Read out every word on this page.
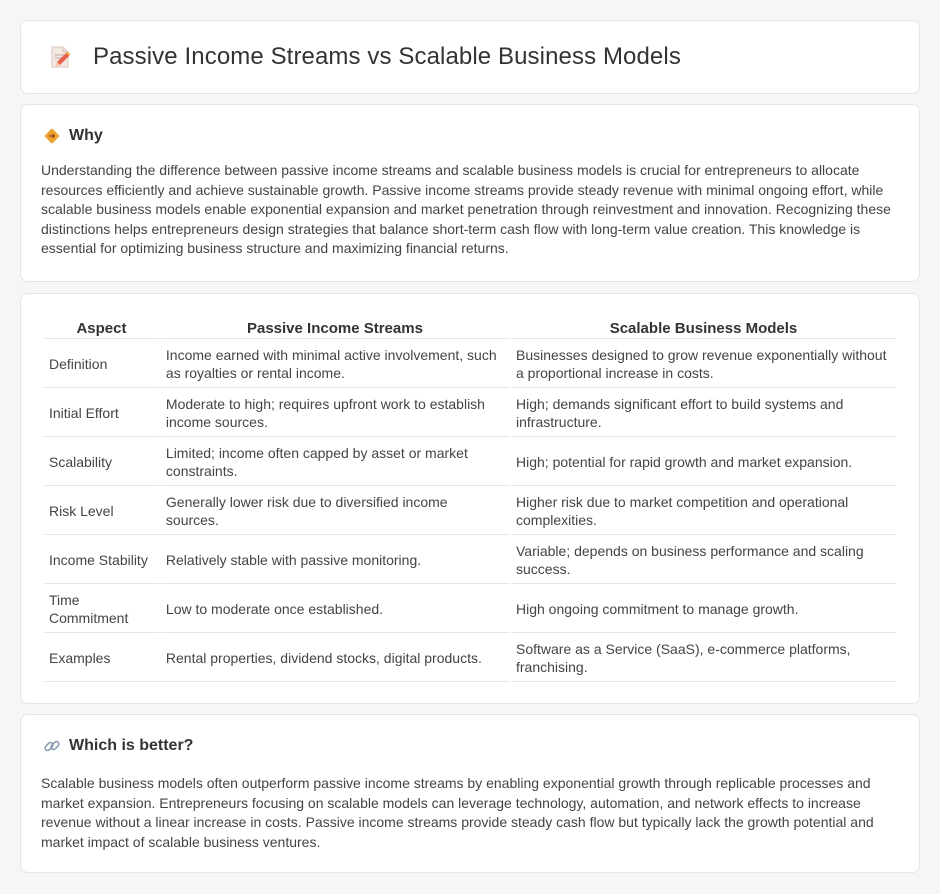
Passive Income Streams vs Scalable Business Models
Why

Understanding the difference between passive income streams and scalable business models is crucial for entrepreneurs to allocate resources efficiently and achieve sustainable growth. Passive income streams provide steady revenue with minimal ongoing effort, while scalable business models enable exponential expansion and market penetration through reinvestment and innovation. Recognizing these distinctions helps entrepreneurs design strategies that balance short-term cash flow with long-term value creation. This knowledge is essential for optimizing business structure and maximizing financial returns.

Aspect	Passive Income Streams	Scalable Business Models
Definition	Income earned with minimal active involvement, such as royalties or rental income.	Businesses designed to grow revenue exponentially without a proportional increase in costs.
Initial Effort	Moderate to high; requires upfront work to establish income sources.	High; demands significant effort to build systems and infrastructure.
Scalability	Limited; income often capped by asset or market constraints.	High; potential for rapid growth and market expansion.
Risk Level	Generally lower risk due to diversified income sources.	Higher risk due to market competition and operational complexities.
Income Stability	Relatively stable with passive monitoring.	Variable; depends on business performance and scaling success.
Time Commitment	Low to moderate once established.	High ongoing commitment to manage growth.
Examples	Rental properties, dividend stocks, digital products.	Software as a Service (SaaS), e-commerce platforms, franchising.
Which is better?

Scalable business models often outperform passive income streams by enabling exponential growth through replicable processes and market expansion. Entrepreneurs focusing on scalable models can leverage technology, automation, and network effects to increase revenue without a linear increase in costs. Passive income streams provide steady cash flow but typically lack the growth potential and market impact of scalable business ventures.
